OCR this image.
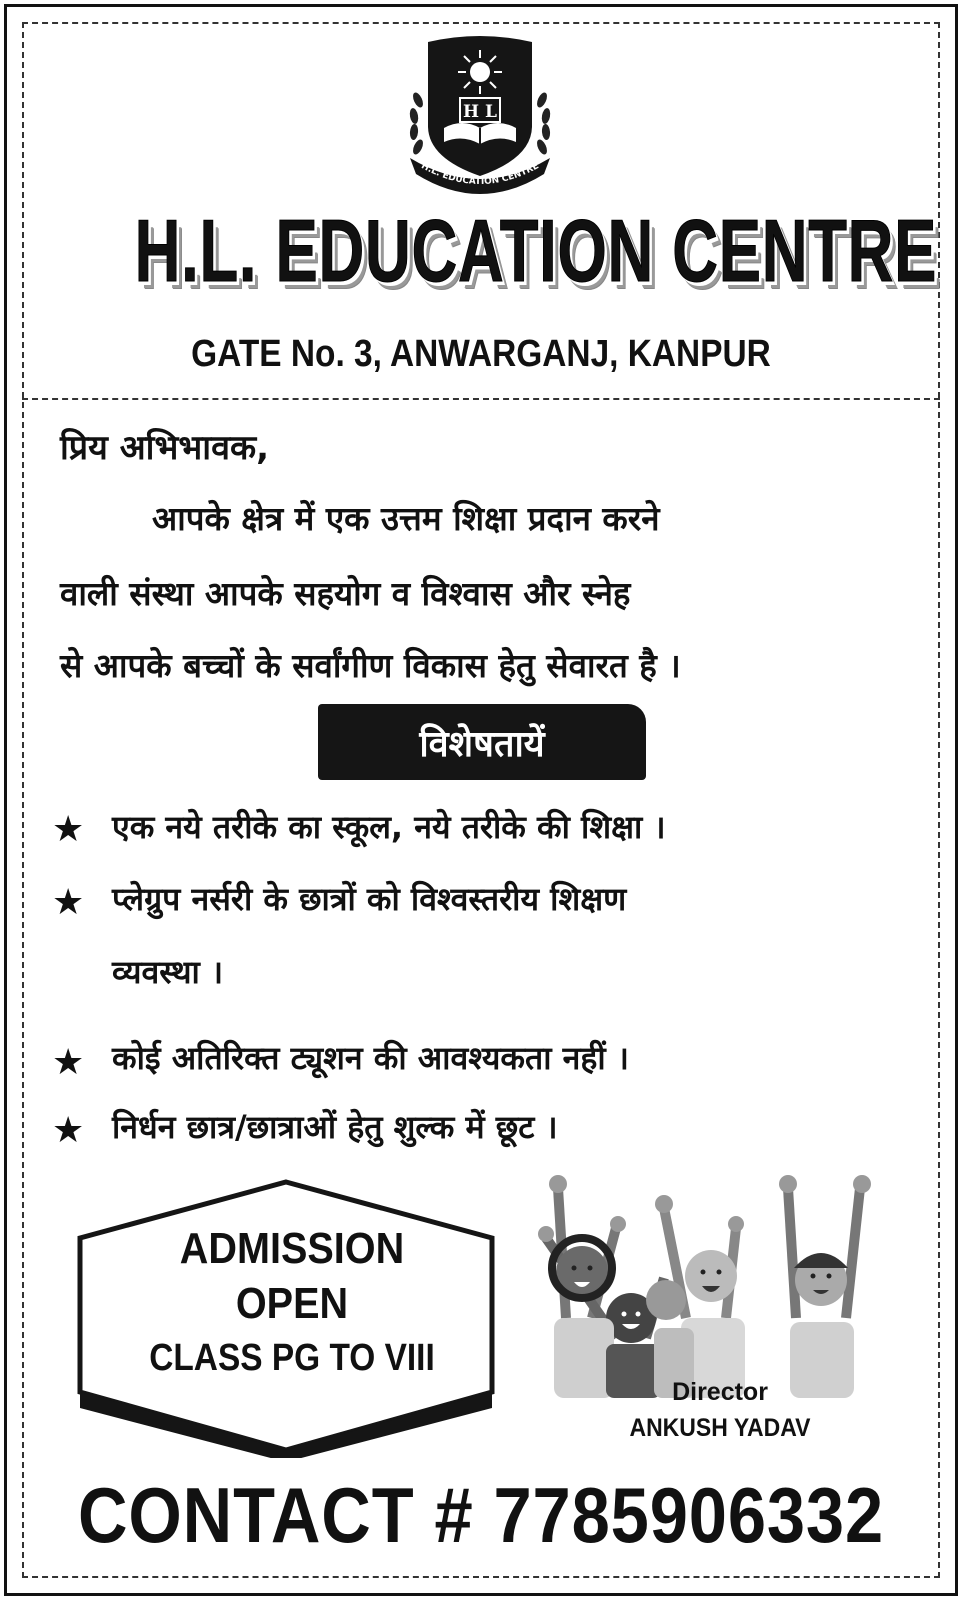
H L
H.L. EDUCATION CENTRE
H.L. EDUCATION CENTRE
GATE No. 3, ANWARGANJ, KANPUR
प्रिय अभिभावक,
आपके क्षेत्र में एक उत्तम शिक्षा प्रदान करने
वाली संस्था आपके सहयोग व विश्वास और स्नेह
से आपके बच्चों के सर्वांगीण विकास हेतु सेवारत है ।
विशेषतायें
★ एक नये तरीके का स्कूल, नये तरीके की शिक्षा ।
★ प्लेग्रुप नर्सरी के छात्रों को विश्वस्तरीय शिक्षण
व्यवस्था ।
★ कोई अतिरिक्त ट्यूशन की आवश्यकता नहीं ।
★ निर्धन छात्र/छात्राओं हेतु शुल्क में छूट ।
ADMISSION
OPEN
CLASS PG TO VIII
Director
ANKUSH YADAV
CONTACT # 7785906332
